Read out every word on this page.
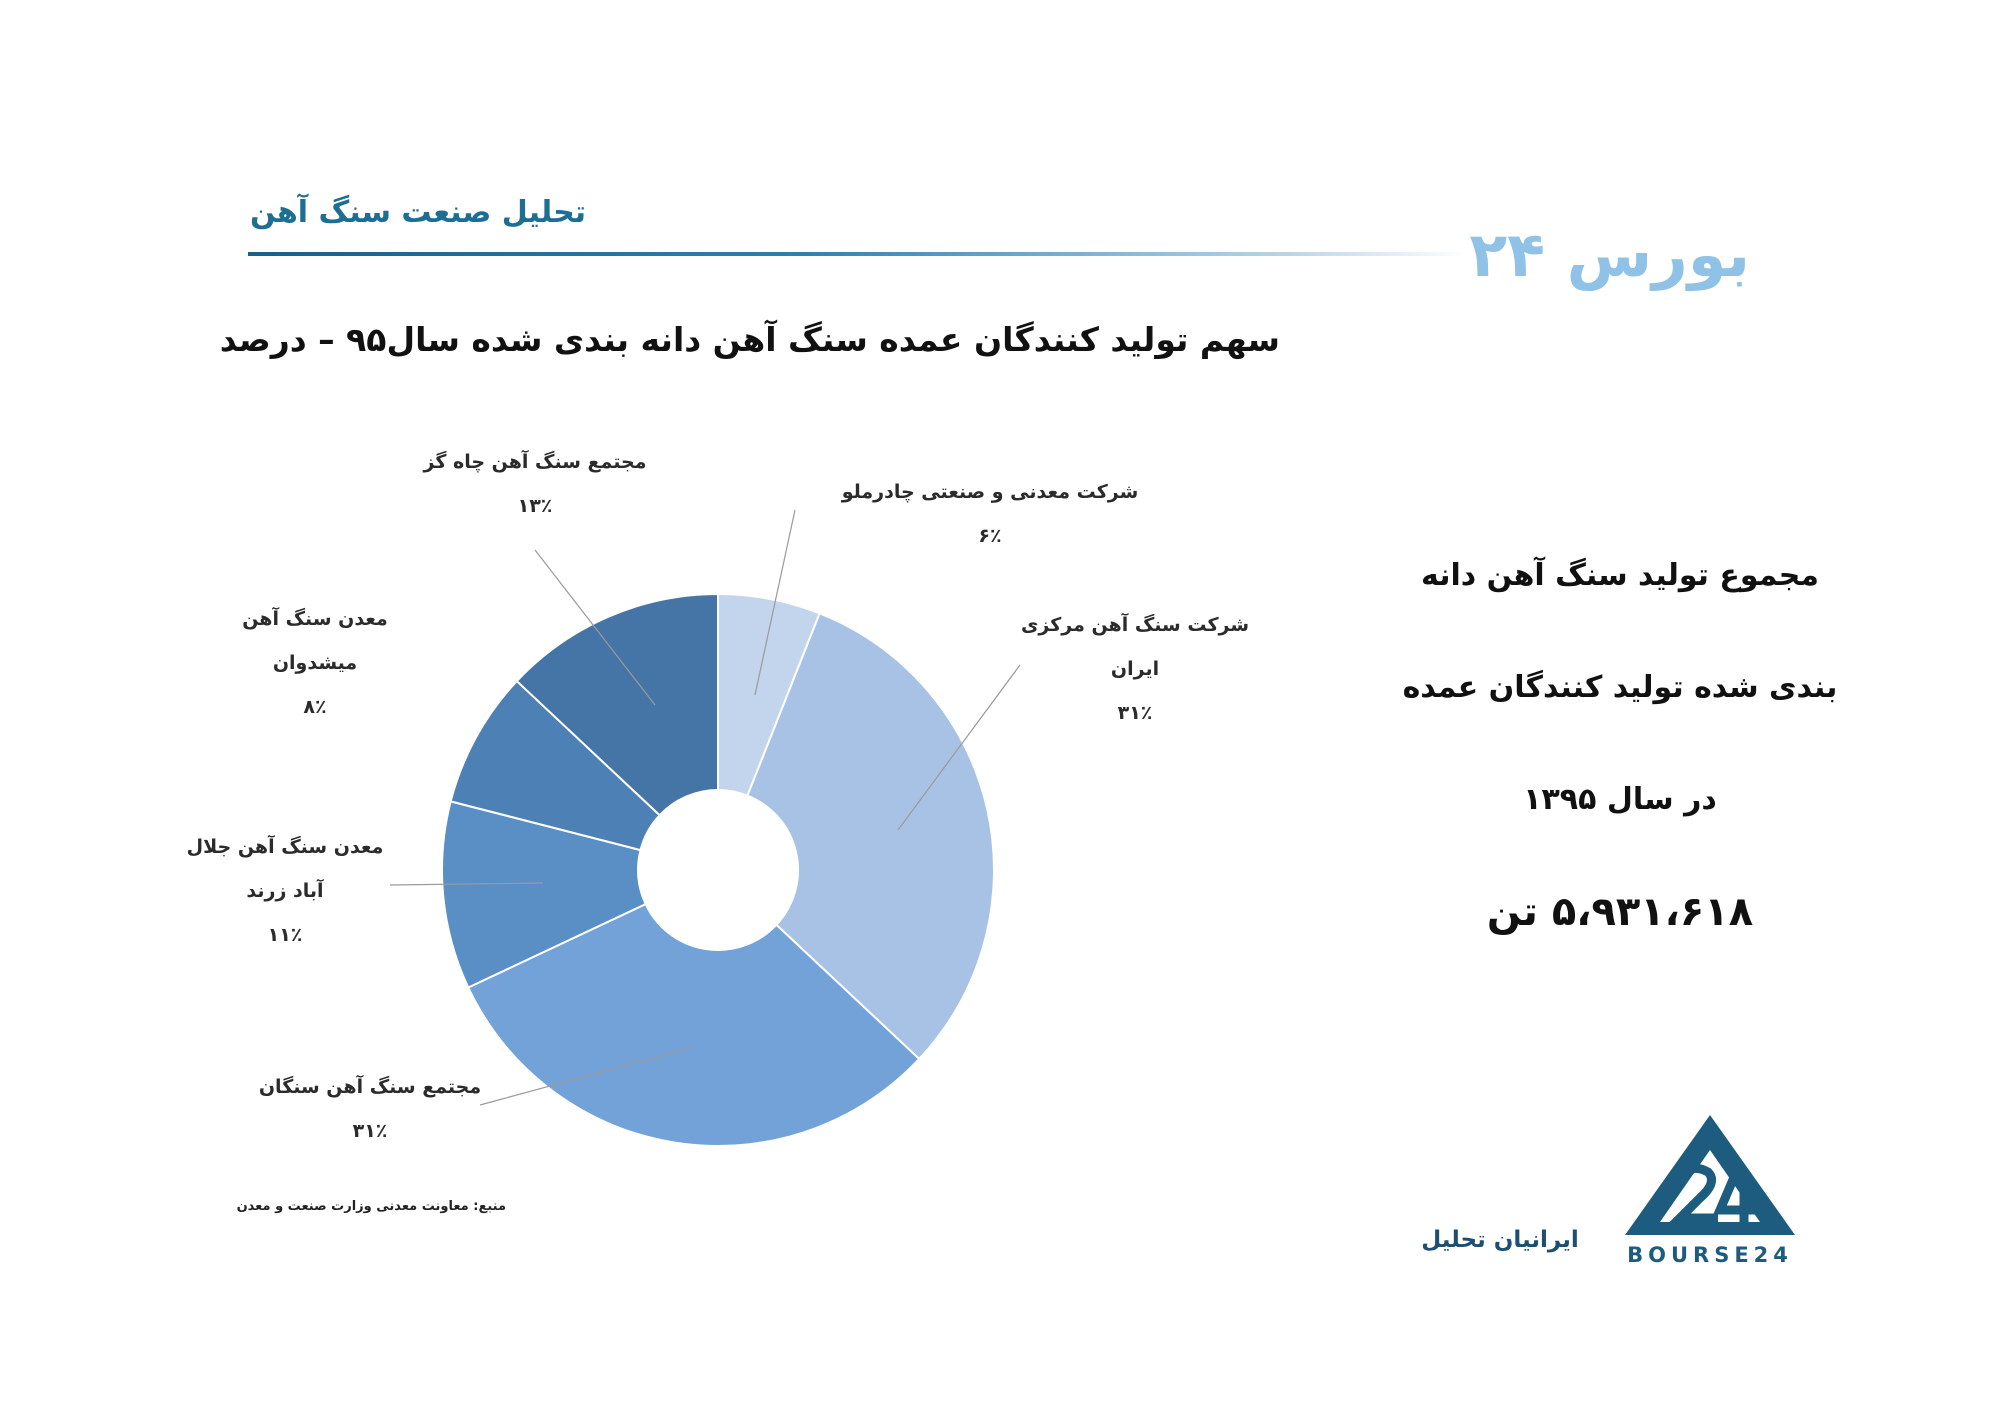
تحلیل صنعت سنگ آهن
بورس ۲۴
سهم تولید کنندگان عمده سنگ آهن دانه بندی شده سال۹۵ – درصد
شرکت معدنی و صنعتی چادرملو
۶٪
شرکت سنگ آهن مرکزی
ایران
۳۱٪
مجتمع سنگ آهن سنگان
۳۱٪
معدن سنگ آهن جلال
آباد زرند
۱۱٪
معدن سنگ آهن
میشدوان
۸٪
مجتمع سنگ آهن چاه گز
۱۳٪
مجموع تولید سنگ آهن دانه
بندی شده تولید کنندگان عمده
در سال ۱۳۹۵
۵،۹۳۱،۶۱۸ تن
منبع: معاونت معدنی وزارت صنعت و معدن
ایرانیان تحلیل
BOURSE24
